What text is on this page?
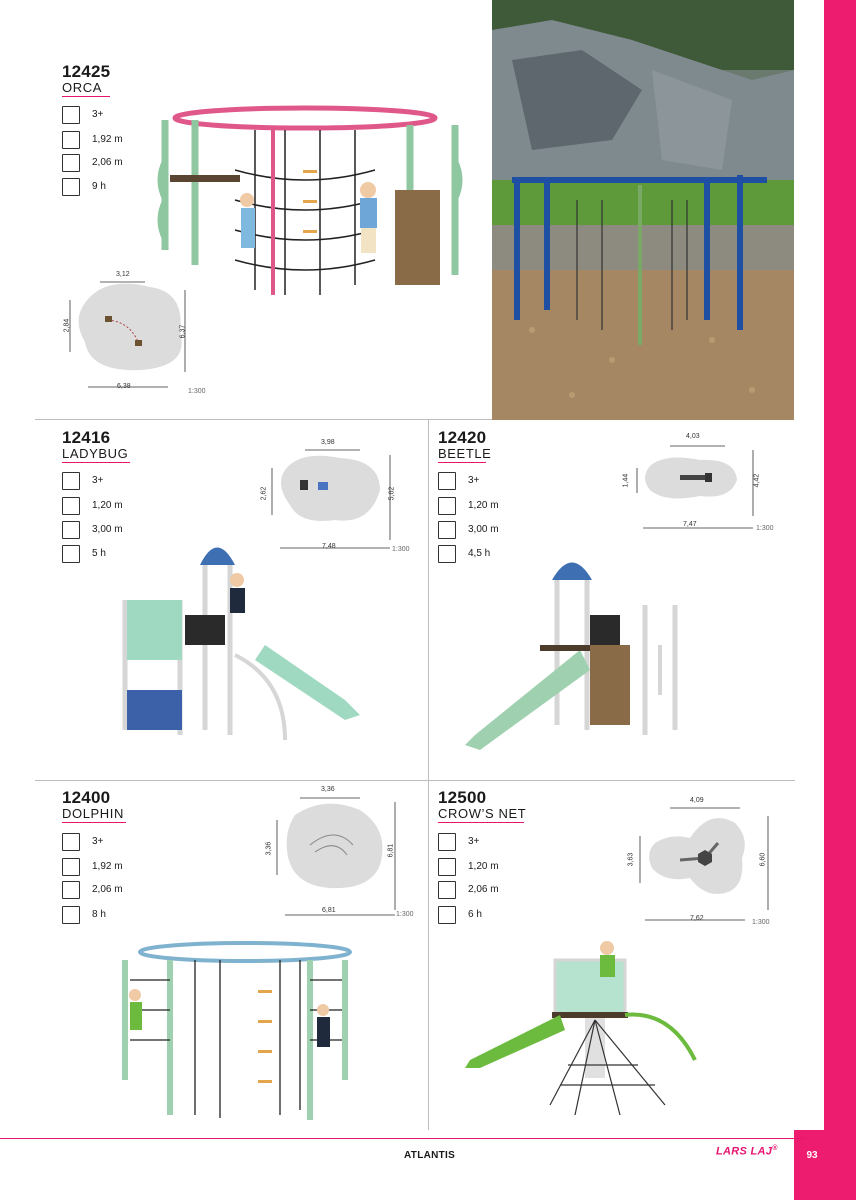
12425
ORCA
3+
1,92 m
2,06 m
9 h
3,12
2,84
6,38
6,37
1:300
12416
LADYBUG
3+
1,20 m
3,00 m
5 h
3,98
2,62
7,48
5,62
1:300
12420
BEETLE
3+
1,20 m
3,00 m
4,5 h
4,03
1,44
7,47
4,42
1:300
12400
DOLPHIN
3+
1,92 m
2,06 m
8 h
3,36
3,36
6,81
6,81
1:300
12500
CROW’S NET
3+
1,20 m
2,06 m
6 h
4,09
3,63
7,62
6,60
1:300
ATLANTIS	LARS LAJ®
93
